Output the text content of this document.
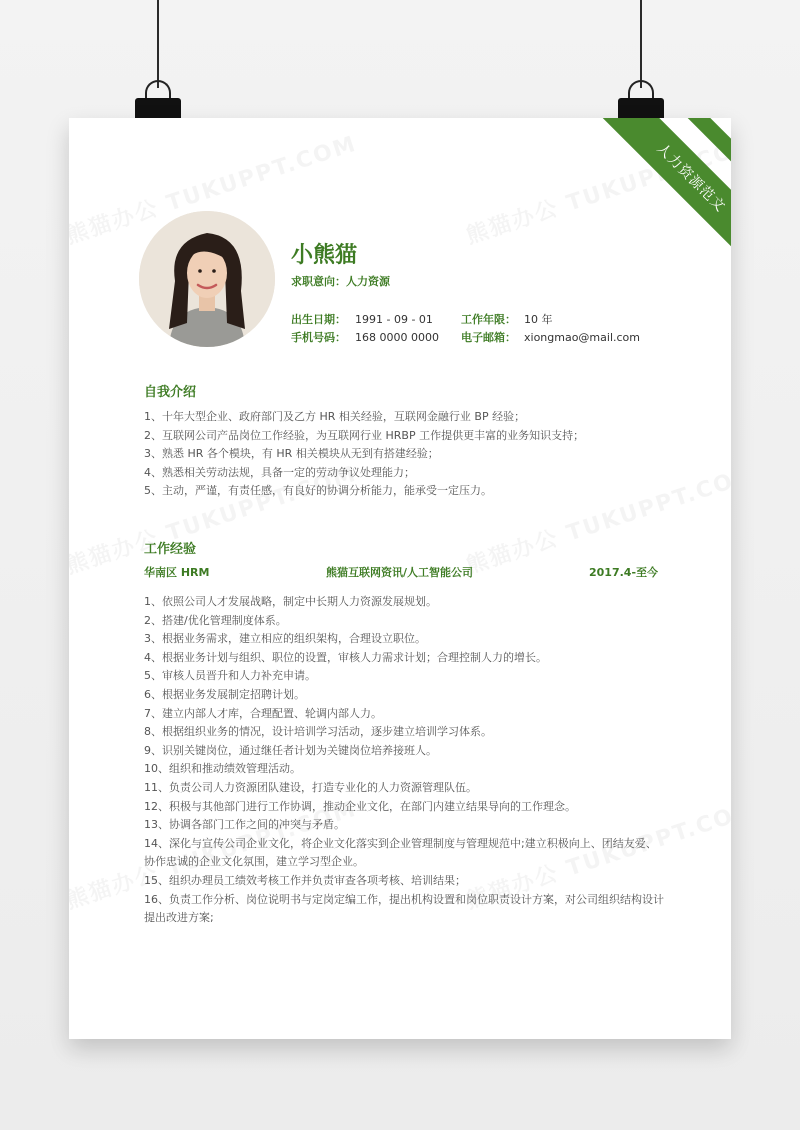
人力资源范文
小熊猫
求职意向：人力资源
出生日期： 1991 - 09 - 01	工作年限： 10 年
手机号码： 168 0000 0000 电子邮箱： xiongmao@mail.com
自我介绍
1、十年大型企业、政府部门及乙方 HR 相关经验，互联网金融行业 BP 经验；
2、互联网公司产品岗位工作经验，为互联网行业 HRBP 工作提供更丰富的业务知识支持；
3、熟悉 HR 各个模块，有 HR 相关模块从无到有搭建经验；
4、熟悉相关劳动法规，具备一定的劳动争议处理能力；
5、主动，严谨，有责任感，有良好的协调分析能力，能承受一定压力。
工作经验
华南区 HRM	熊猫互联网资讯/人工智能公司	2017.4-至今
1、依照公司人才发展战略，制定中长期人力资源发展规划。
2、搭建/优化管理制度体系。
3、根据业务需求，建立相应的组织架构，合理设立职位。
4、根据业务计划与组织、职位的设置，审核人力需求计划；合理控制人力的增长。
5、审核人员晋升和人力补充申请。
6、根据业务发展制定招聘计划。
7、建立内部人才库，合理配置、轮调内部人力。
8、根据组织业务的情况，设计培训学习活动，逐步建立培训学习体系。
9、识别关键岗位，通过继任者计划为关键岗位培养接班人。
10、组织和推动绩效管理活动。
11、负责公司人力资源团队建设，打造专业化的人力资源管理队伍。
12、积极与其他部门进行工作协调，推动企业文化，在部门内建立结果导向的工作理念。
13、协调各部门工作之间的冲突与矛盾。
14、深化与宣传公司企业文化，将企业文化落实到企业管理制度与管理规范中;建立积极向上、团结友爱、协作忠诚的企业文化氛围，建立学习型企业。
15、组织办理员工绩效考核工作并负责审查各项考核、培训结果；
16、负责工作分析、岗位说明书与定岗定编工作，提出机构设置和岗位职责设计方案，对公司组织结构设计提出改进方案;
